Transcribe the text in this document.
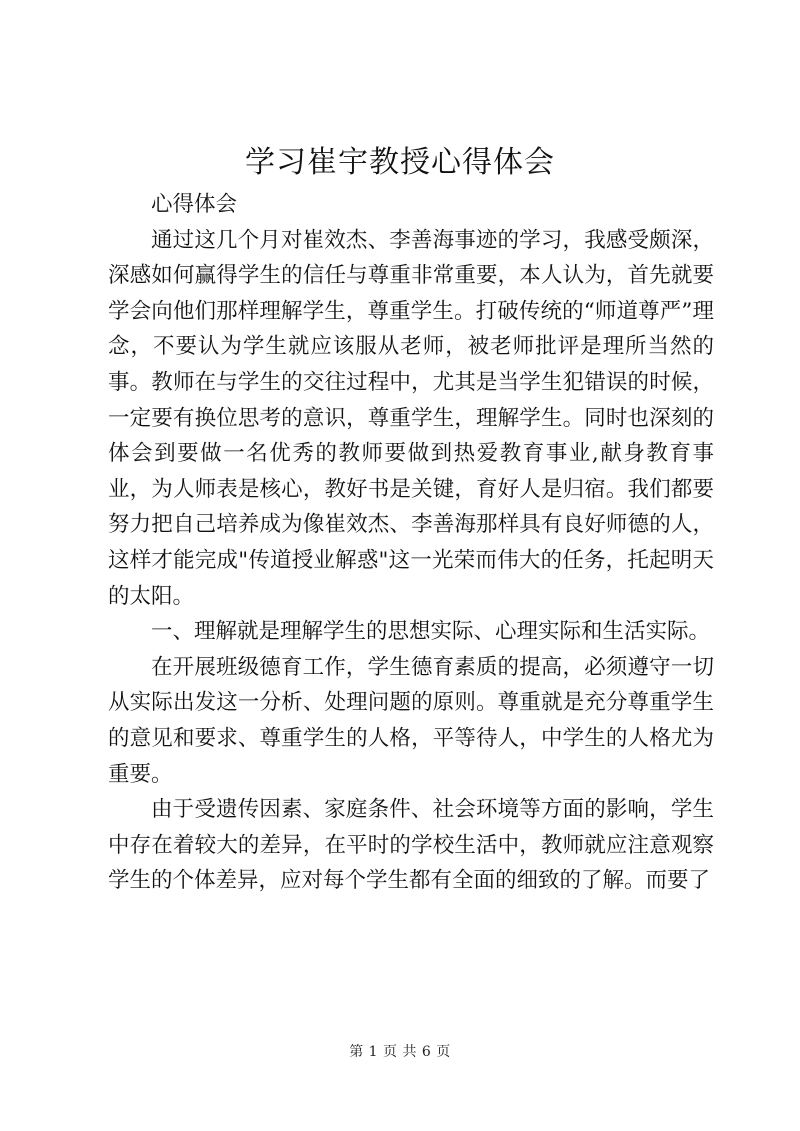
学习崔宇教授心得体会

心得体会

通过这几个月对崔效杰、李善海事迹的学习，我感受颇深，深感如何赢得学生的信任与尊重非常重要，本人认为，首先就要学会向他们那样理解学生，尊重学生。打破传统的“师道尊严”理念，不要认为学生就应该服从老师，被老师批评是理所当然的事。教师在与学生的交往过程中，尤其是当学生犯错误的时候，一定要有换位思考的意识，尊重学生，理解学生。同时也深刻的体会到要做一名优秀的教师要做到热爱教育事业,献身教育事业，为人师表是核心，教好书是关键，育好人是归宿。我们都要努力把自己培养成为像崔效杰、李善海那样具有良好师德的人，这样才能完成"传道授业解惑"这一光荣而伟大的任务，托起明天的太阳。

一、理解就是理解学生的思想实际、心理实际和生活实际。

在开展班级德育工作，学生德育素质的提高，必须遵守一切从实际出发这一分析、处理问题的原则。尊重就是充分尊重学生的意见和要求、尊重学生的人格，平等待人，中学生的人格尤为重要。

由于受遗传因素、家庭条件、社会环境等方面的影响，学生中存在着较大的差异，在平时的学校生活中，教师就应注意观察学生的个体差异，应对每个学生都有全面的细致的了解。而要了

第 1 页 共 6 页
